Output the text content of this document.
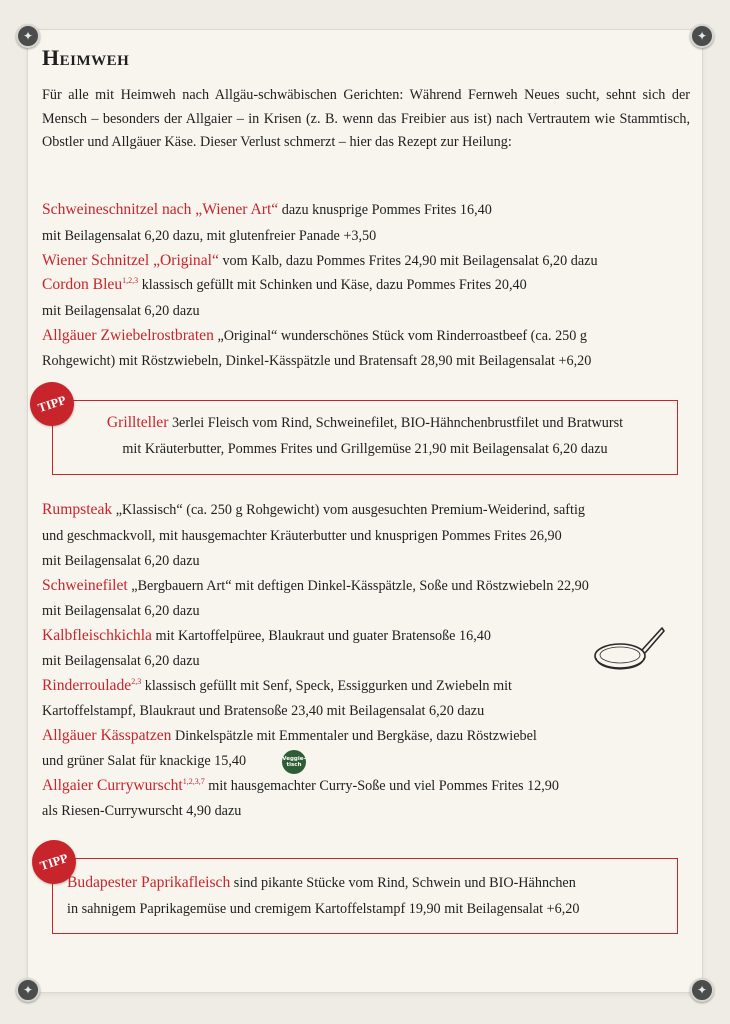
✦	✦
✦	✦
Heimweh

Für alle mit Heimweh nach Allgäu-schwäbischen Gerichten: Während Fernweh Neues sucht, sehnt sich der Mensch – besonders der Allgaier – in Krisen (z. B. wenn das Freibier aus ist) nach Vertrautem wie Stammtisch, Obstler und Allgäuer Käse. Dieser Verlust schmerzt – hier das Rezept zur Heilung:

Schweineschnitzel nach „Wiener Art“ dazu knusprige Pommes Frites 16,40
mit Beilagensalat 6,20 dazu, mit glutenfreier Panade +3,50
Wiener Schnitzel „Original“ vom Kalb, dazu Pommes Frites 24,90 mit Beilagensalat 6,20 dazu
Cordon Bleu$^{1,2,3}$ klassisch gefüllt mit Schinken und Käse, dazu Pommes Frites 20,40
mit Beilagensalat 6,20 dazu
Allgäuer Zwiebelrostbraten „Original“ wunderschönes Stück vom Rinderroastbeef (ca. 250 g
Rohgewicht) mit Röstzwiebeln, Dinkel-Kässpätzle und Bratensaft 28,90 mit Beilagensalat +6,20
Grillteller 3erlei Fleisch vom Rind, Schweinefilet, BIO-Hähnchenbrustfilet und Bratwurst
mit Kräuterbutter, Pommes Frites und Grillgemüse 21,90 mit Beilagensalat 6,20 dazu
TIPP
Rumpsteak „Klassisch“ (ca. 250 g Rohgewicht) vom ausgesuchten Premium-Weiderind, saftig
und geschmackvoll, mit hausgemachter Kräuterbutter und knusprigen Pommes Frites 26,90
mit Beilagensalat 6,20 dazu
Schweinefilet „Bergbauern Art“ mit deftigen Dinkel-Kässpätzle, Soße und Röstzwiebeln 22,90
mit Beilagensalat 6,20 dazu
Kalbfleischkichla mit Kartoffelpüree, Blaukraut und guater Bratensoße 16,40
mit Beilagensalat 6,20 dazu
Rinderroulade$^{2,3}$ klassisch gefüllt mit Senf, Speck, Essiggurken und Zwiebeln mit
Kartoffelstampf, Blaukraut und Bratensoße 23,40 mit Beilagensalat 6,20 dazu
Allgäuer Kässpatzen Dinkelspätzle mit Emmentaler und Bergkäse, dazu Röstzwiebel
und grüner Salat für knackige 15,40	Veggie-tisch
Allgaier Currywurscht$^{1,2,3,7}$ mit hausgemachter Curry-Soße und viel Pommes Frites 12,90
als Riesen-Currywurscht 4,90 dazu
Budapester Paprikafleisch sind pikante Stücke vom Rind, Schwein und BIO-Hähnchen
in sahnigem Paprikagemüse und cremigem Kartoffelstampf 19,90 mit Beilagensalat +6,20
TIPP
